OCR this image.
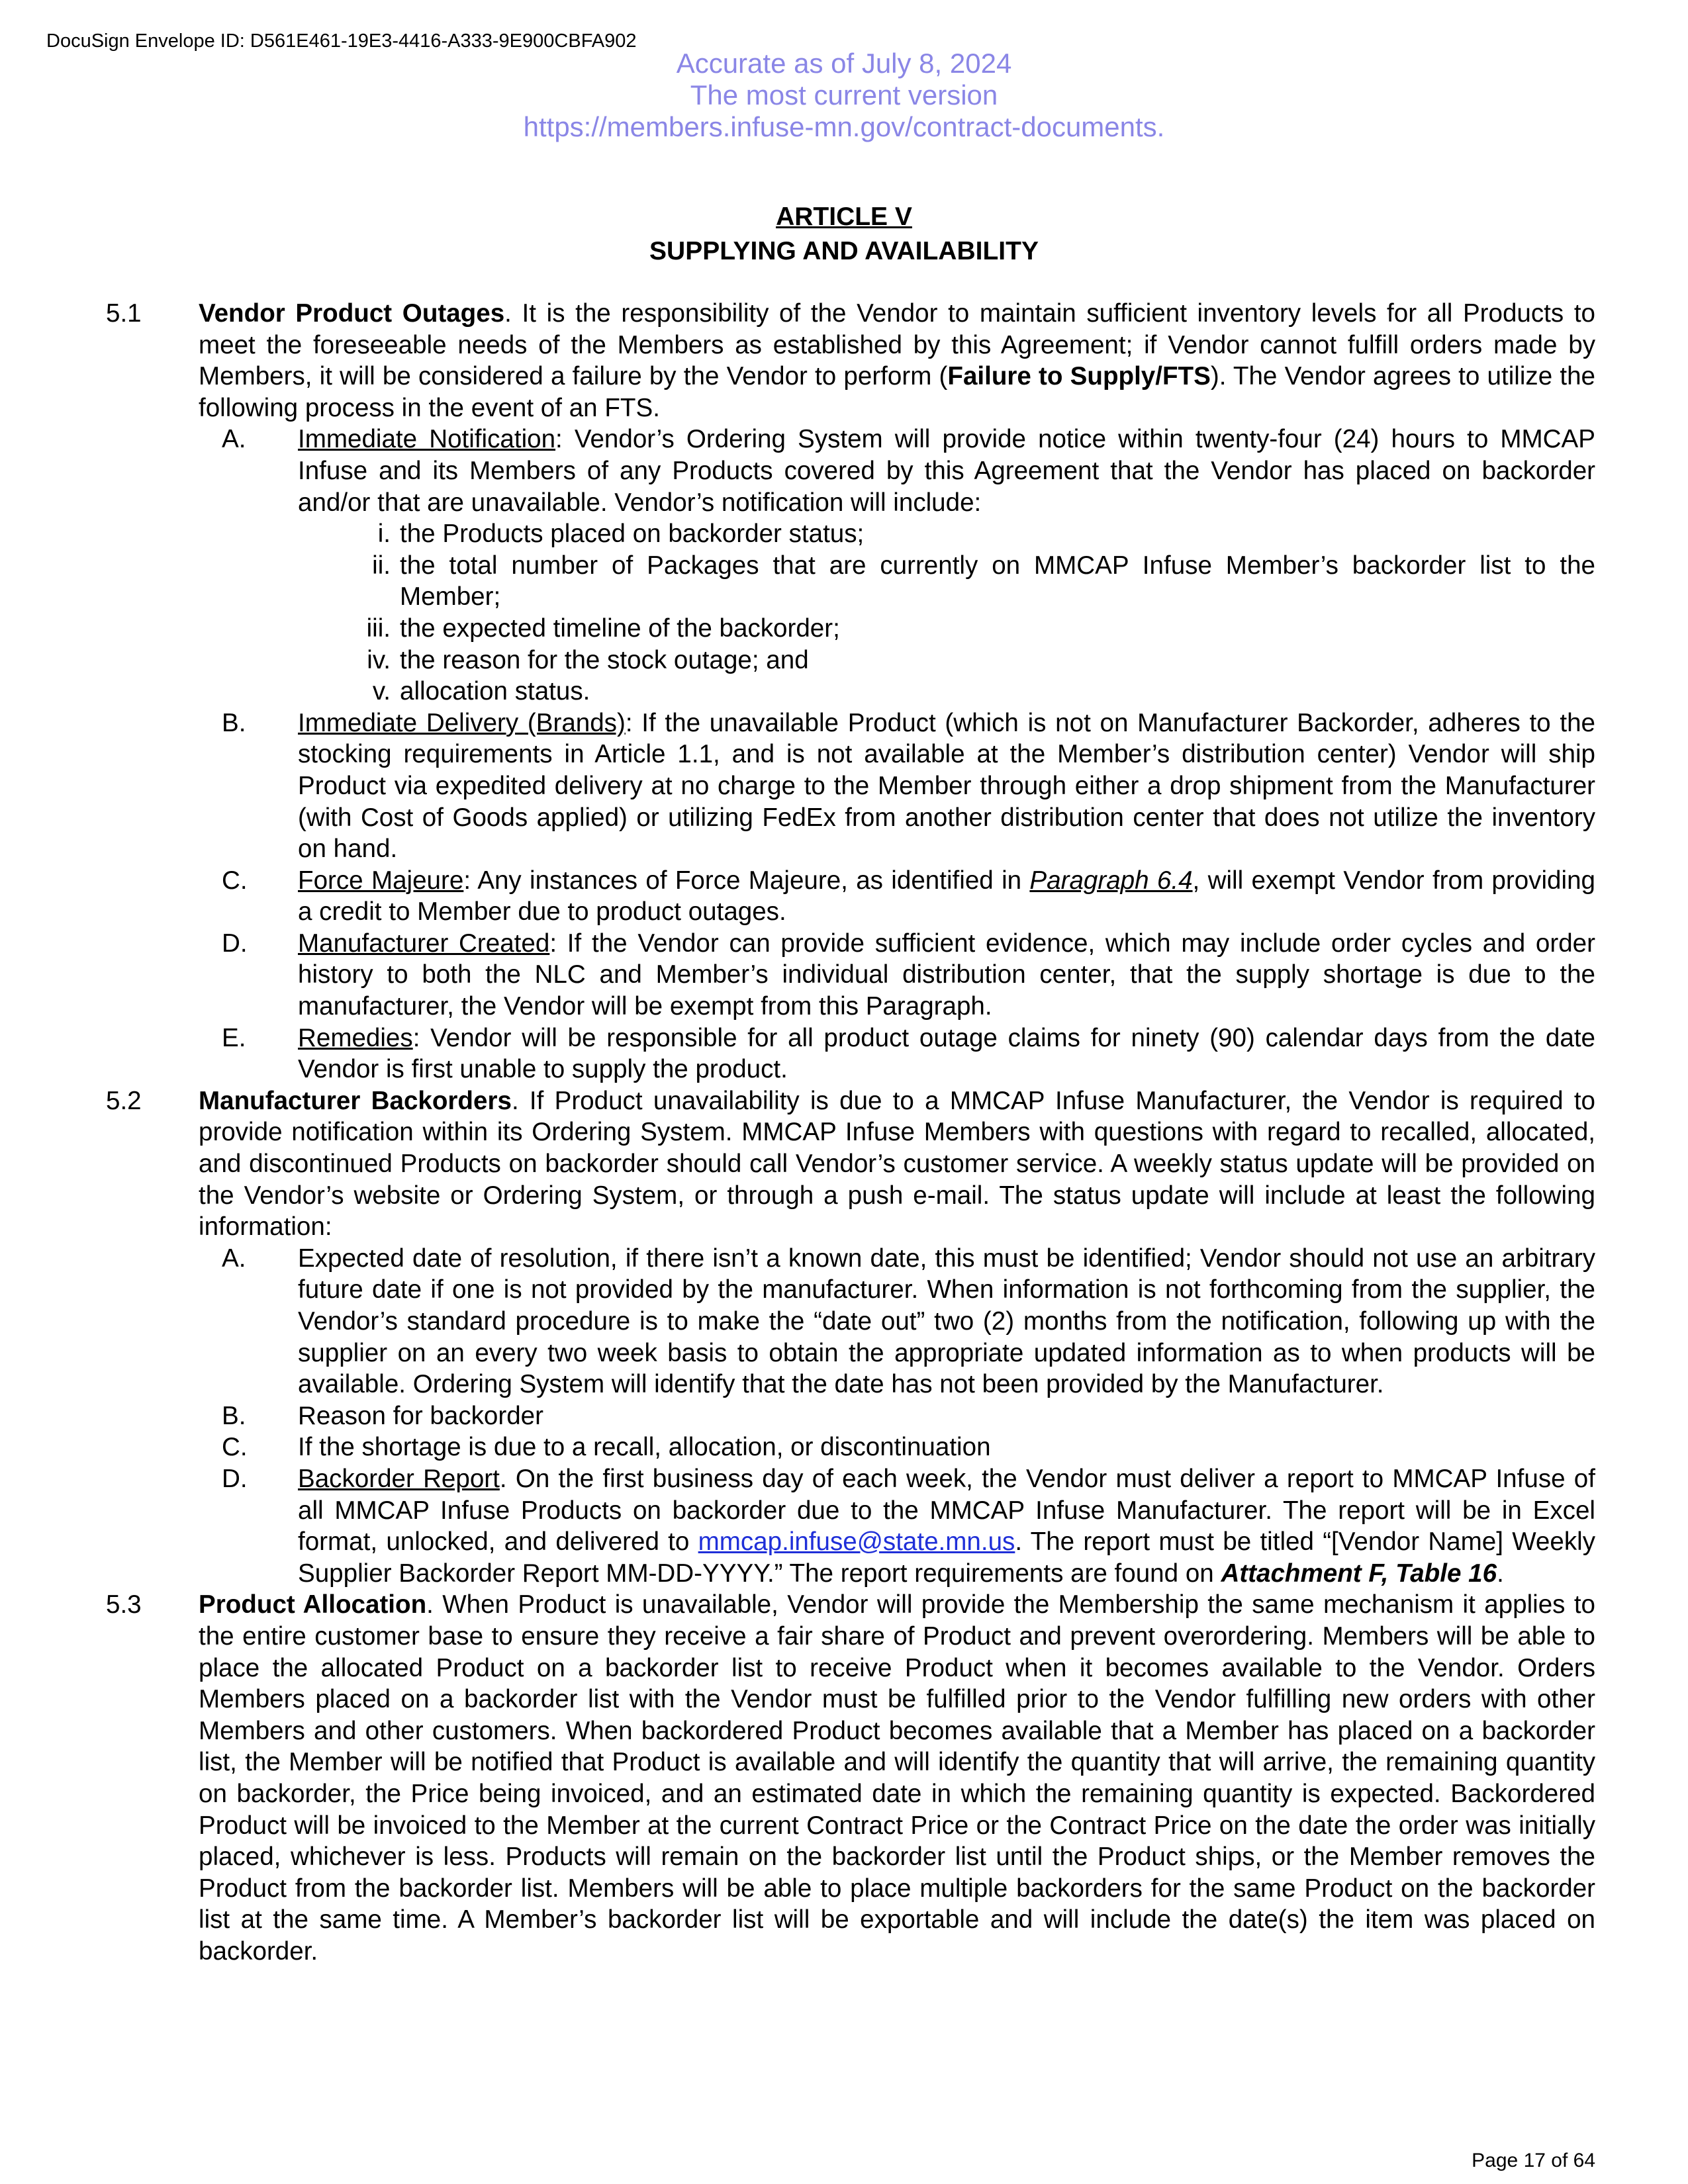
DocuSign Envelope ID: D561E461-19E3-4416-A333-9E900CBFA902
Accurate as of July 8, 2024
The most current version
https://members.infuse-mn.gov/contract-documents.
ARTICLE V
SUPPLYING AND AVAILABILITY
5.1 Vendor Product Outages. It is the responsibility of the Vendor to maintain sufficient inventory levels for all Products to meet the foreseeable needs of the Members as established by this Agreement; if Vendor cannot fulfill orders made by Members, it will be considered a failure by the Vendor to perform (Failure to Supply/FTS). The Vendor agrees to utilize the following process in the event of an FTS.
A. Immediate Notification: Vendor’s Ordering System will provide notice within twenty-four (24) hours to MMCAP Infuse and its Members of any Products covered by this Agreement that the Vendor has placed on backorder and/or that are unavailable. Vendor’s notification will include:
i. the Products placed on backorder status;
ii. the total number of Packages that are currently on MMCAP Infuse Member’s backorder list to the Member;
iii. the expected timeline of the backorder;
iv. the reason for the stock outage; and
v. allocation status.
B. Immediate Delivery (Brands): If the unavailable Product (which is not on Manufacturer Backorder, adheres to the stocking requirements in Article 1.1, and is not available at the Member’s distribution center) Vendor will ship Product via expedited delivery at no charge to the Member through either a drop shipment from the Manufacturer (with Cost of Goods applied) or utilizing FedEx from another distribution center that does not utilize the inventory on hand.
C. Force Majeure: Any instances of Force Majeure, as identified in Paragraph 6.4, will exempt Vendor from providing a credit to Member due to product outages.
D. Manufacturer Created: If the Vendor can provide sufficient evidence, which may include order cycles and order history to both the NLC and Member’s individual distribution center, that the supply shortage is due to the manufacturer, the Vendor will be exempt from this Paragraph.
E. Remedies: Vendor will be responsible for all product outage claims for ninety (90) calendar days from the date Vendor is first unable to supply the product.
5.2 Manufacturer Backorders. If Product unavailability is due to a MMCAP Infuse Manufacturer, the Vendor is required to provide notification within its Ordering System. MMCAP Infuse Members with questions with regard to recalled, allocated, and discontinued Products on backorder should call Vendor’s customer service. A weekly status update will be provided on the Vendor’s website or Ordering System, or through a push e-mail. The status update will include at least the following information:
A. Expected date of resolution, if there isn’t a known date, this must be identified; Vendor should not use an arbitrary future date if one is not provided by the manufacturer. When information is not forthcoming from the supplier, the Vendor’s standard procedure is to make the “date out” two (2) months from the notification, following up with the supplier on an every two week basis to obtain the appropriate updated information as to when products will be available. Ordering System will identify that the date has not been provided by the Manufacturer.
B. Reason for backorder
C. If the shortage is due to a recall, allocation, or discontinuation
D. Backorder Report. On the first business day of each week, the Vendor must deliver a report to MMCAP Infuse of all MMCAP Infuse Products on backorder due to the MMCAP Infuse Manufacturer. The report will be in Excel format, unlocked, and delivered to mmcap.infuse@state.mn.us. The report must be titled “[Vendor Name] Weekly Supplier Backorder Report MM-DD-YYYY.” The report requirements are found on Attachment F, Table 16.
5.3 Product Allocation. When Product is unavailable, Vendor will provide the Membership the same mechanism it applies to the entire customer base to ensure they receive a fair share of Product and prevent overordering. Members will be able to place the allocated Product on a backorder list to receive Product when it becomes available to the Vendor. Orders Members placed on a backorder list with the Vendor must be fulfilled prior to the Vendor fulfilling new orders with other Members and other customers. When backordered Product becomes available that a Member has placed on a backorder list, the Member will be notified that Product is available and will identify the quantity that will arrive, the remaining quantity on backorder, the Price being invoiced, and an estimated date in which the remaining quantity is expected. Backordered Product will be invoiced to the Member at the current Contract Price or the Contract Price on the date the order was initially placed, whichever is less. Products will remain on the backorder list until the Product ships, or the Member removes the Product from the backorder list. Members will be able to place multiple backorders for the same Product on the backorder list at the same time. A Member’s backorder list will be exportable and will include the date(s) the item was placed on backorder.
Page 17 of 64
